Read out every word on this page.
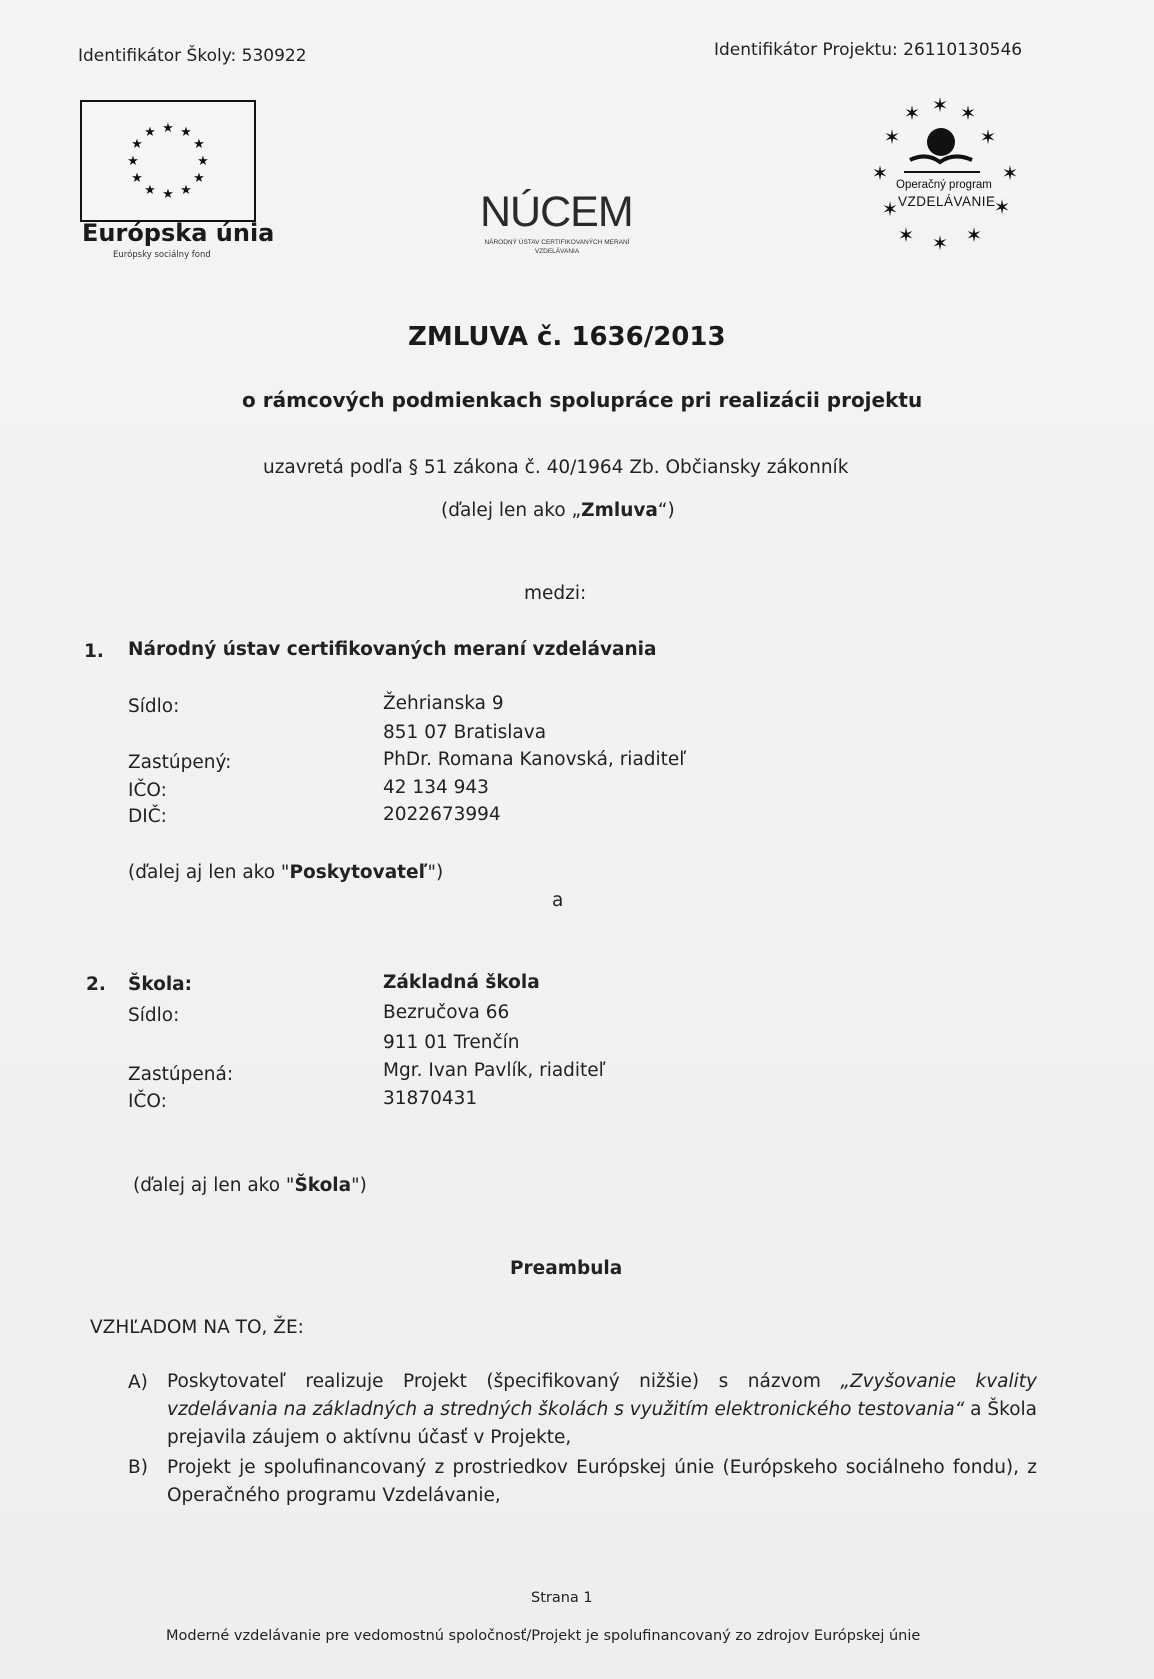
Identifikátor Školy: 530922	Identifikátor Projektu: 26110130546
★ ★
★
★
★
★
★
★
★
★
★
★
Európska únia
Európsky sociálny fond
NÚCEM
NÁRODNÝ ÚSTAV CERTIFIKOVANÝCH MERANÍ VZDELÁVANIA
✶
✶ ✶
✶	✶
✶	✶
✶	✶
✶ ✶ ✶
Operačný program
VZDELÁVANIE
ZMLUVA č. 1636/2013
o rámcových podmienkach spolupráce pri realizácii projektu
uzavretá podľa § 51 zákona č. 40/1964 Zb. Občiansky zákonník
(ďalej len ako „Zmluva“)
medzi:
1. Národný ústav certifikovaných meraní vzdelávania
Sídlo:	Žehrianska 9
851 07 Bratislava
Zastúpený:	PhDr. Romana Kanovská, riaditeľ
IČO:	42 134 943
DIČ:	2022673994
(ďalej aj len ako "Poskytovateľ")
a
2. Škola:	Základná škola
Sídlo:	Bezručova 66
911 01 Trenčín
Zastúpená:	Mgr. Ivan Pavlík, riaditeľ
IČO:	31870431
(ďalej aj len ako "Škola")
Preambula
VZHĽADOM NA TO, ŽE:
A) Poskytovateľ realizuje Projekt (špecifikovaný nižšie) s názvom „Zvyšovanie kvality vzdelávania na základných a stredných školách s využitím elektronického testovania“ a Škola prejavila záujem o aktívnu účasť v Projekte,
B) Projekt je spolufinancovaný z prostriedkov Európskej únie (Európskeho sociálneho fondu), z Operačného programu Vzdelávanie,
Strana 1
Moderné vzdelávanie pre vedomostnú spoločnosť/Projekt je spolufinancovaný zo zdrojov Európskej únie
